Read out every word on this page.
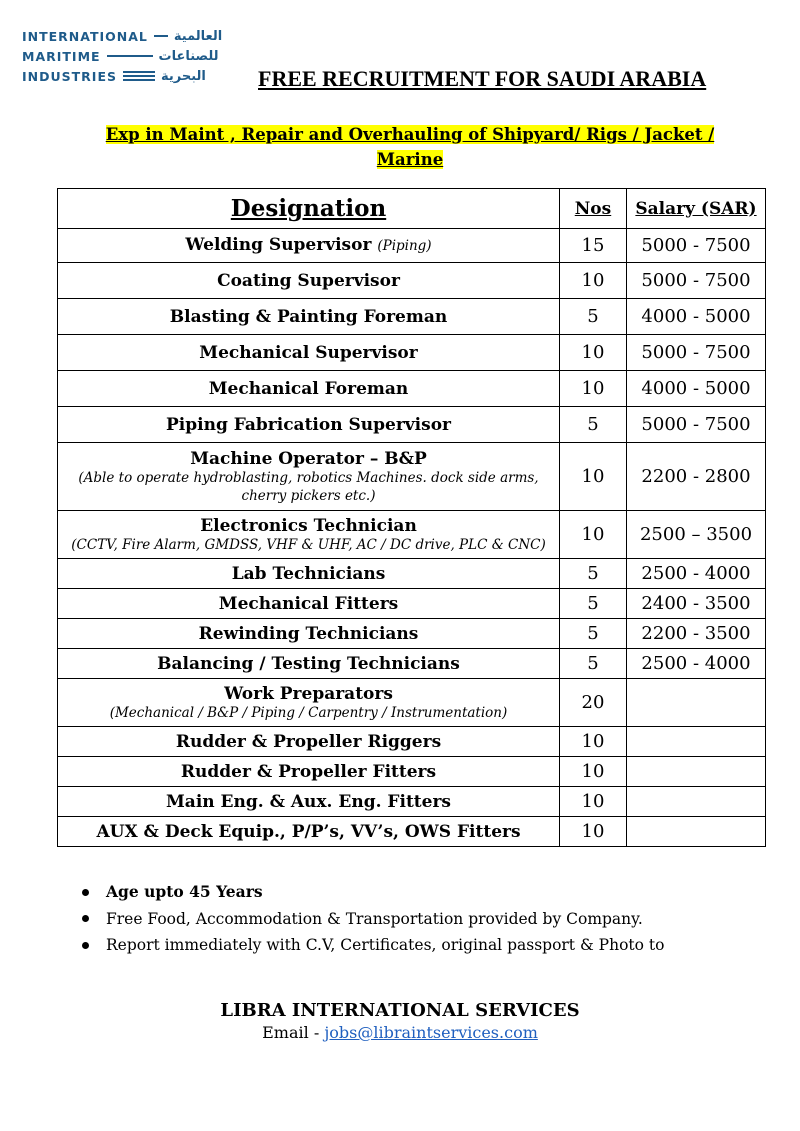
INTERNATIONAL العالمية
MARITIME	للصناعات
INDUSTRIES	البحرية FREE RECRUITMENT FOR SAUDI ARABIA
Exp in Maint , Repair and Overhauling of Shipyard/ Rigs / Jacket /
Marine
Designation	Nos	Salary (SAR)
Welding Supervisor (Piping)	15	5000 - 7500
Coating Supervisor	10	5000 - 7500
Blasting & Painting Foreman	5	4000 - 5000
Mechanical Supervisor	10	5000 - 7500
Mechanical Foreman	10	4000 - 5000
Piping Fabrication Supervisor	5	5000 - 7500
Machine Operator – B&P
(Able to operate hydroblasting, robotics Machines. dock side arms, cherry pickers etc.)	10	2200 - 2800
Electronics Technician
(CCTV, Fire Alarm, GMDSS, VHF & UHF, AC / DC drive, PLC & CNC)	10	2500 – 3500
Lab Technicians	5	2500 - 4000
Mechanical Fitters	5	2400 - 3500
Rewinding Technicians	5	2200 - 3500
Balancing / Testing Technicians	5	2500 - 4000
Work Preparators
(Mechanical / B&P / Piping / Carpentry / Instrumentation)	20	
Rudder & Propeller Riggers	10	
Rudder & Propeller Fitters	10	
Main Eng. & Aux. Eng. Fitters	10	
AUX & Deck Equip., P/P’s, VV’s, OWS Fitters	10	
Age upto 45 Years
Free Food, Accommodation & Transportation provided by Company.
Report immediately with C.V, Certificates, original passport & Photo to
LIBRA INTERNATIONAL SERVICES
Email - jobs@libraintservices.com
